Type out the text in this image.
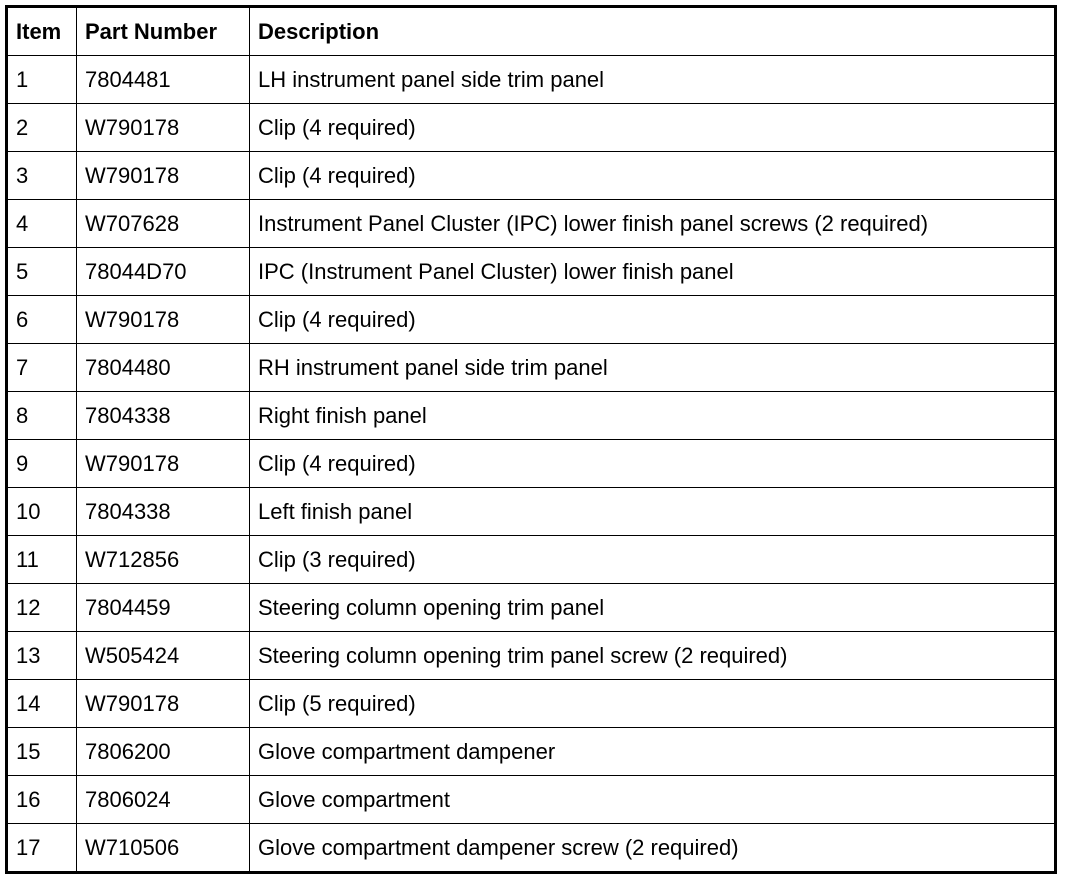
Item	Part Number	Description
1	7804481	LH instrument panel side trim panel
2	W790178	Clip (4 required)
3	W790178	Clip (4 required)
4	W707628	Instrument Panel Cluster (IPC) lower finish panel screws (2 required)
5	78044D70	IPC (Instrument Panel Cluster) lower finish panel
6	W790178	Clip (4 required)
7	7804480	RH instrument panel side trim panel
8	7804338	Right finish panel
9	W790178	Clip (4 required)
10	7804338	Left finish panel
11	W712856	Clip (3 required)
12	7804459	Steering column opening trim panel
13	W505424	Steering column opening trim panel screw (2 required)
14	W790178	Clip (5 required)
15	7806200	Glove compartment dampener
16	7806024	Glove compartment
17	W710506	Glove compartment dampener screw (2 required)
